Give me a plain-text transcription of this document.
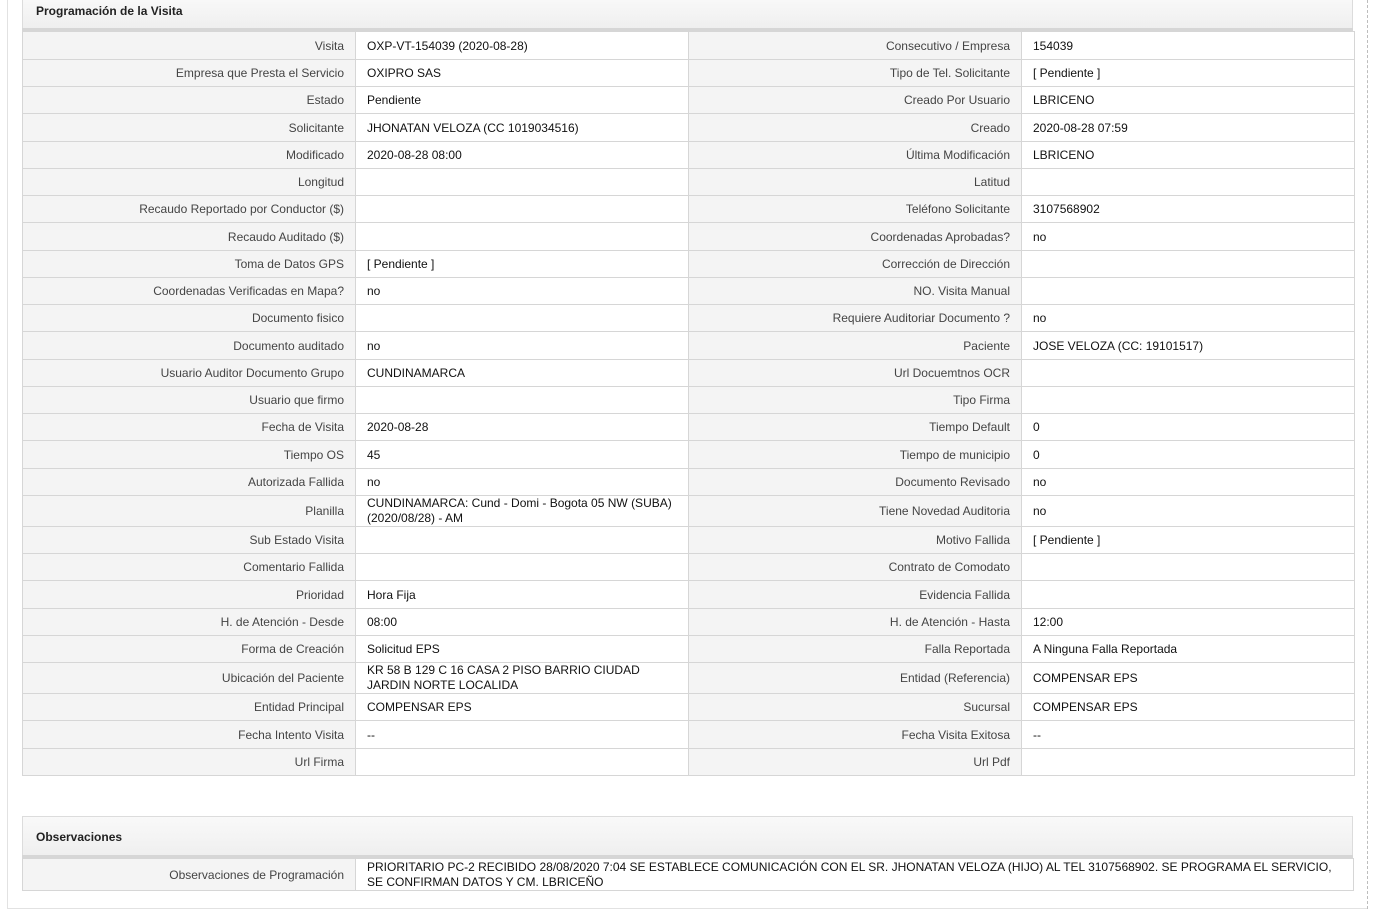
Programación de la Visita
Visita	OXP-VT-154039 (2020-08-28)	Consecutivo / Empresa	154039
Empresa que Presta el Servicio	OXIPRO SAS	Tipo de Tel. Solicitante	[ Pendiente ]
Estado	Pendiente	Creado Por Usuario	LBRICENO
Solicitante	JHONATAN VELOZA (CC 1019034516)	Creado	2020-08-28 07:59
Modificado	2020-08-28 08:00	Última Modificación	LBRICENO
Longitud		Latitud	
Recaudo Reportado por Conductor ($)		Teléfono Solicitante	3107568902
Recaudo Auditado ($)		Coordenadas Aprobadas?	no
Toma de Datos GPS	[ Pendiente ]	Corrección de Dirección	
Coordenadas Verificadas en Mapa?	no	NO. Visita Manual	
Documento fisico		Requiere Auditoriar Documento ?	no
Documento auditado	no	Paciente	JOSE VELOZA (CC: 19101517)
Usuario Auditor Documento Grupo	CUNDINAMARCA	Url Docuemtnos OCR	
Usuario que firmo		Tipo Firma	
Fecha de Visita	2020-08-28	Tiempo Default	0
Tiempo OS	45	Tiempo de municipio	0
Autorizada Fallida	no	Documento Revisado	no
Planilla	CUNDINAMARCA: Cund - Domi - Bogota 05 NW (SUBA) (2020/08/28) - AM	Tiene Novedad Auditoria	no
Sub Estado Visita		Motivo Fallida	[ Pendiente ]
Comentario Fallida		Contrato de Comodato	
Prioridad	Hora Fija	Evidencia Fallida	
H. de Atención - Desde	08:00	H. de Atención - Hasta	12:00
Forma de Creación	Solicitud EPS	Falla Reportada	A Ninguna Falla Reportada
Ubicación del Paciente	KR 58 B 129 C 16 CASA 2 PISO BARRIO CIUDAD JARDIN NORTE LOCALIDA	Entidad (Referencia)	COMPENSAR EPS
Entidad Principal	COMPENSAR EPS	Sucursal	COMPENSAR EPS
Fecha Intento Visita	--	Fecha Visita Exitosa	--
Url Firma		Url Pdf	
Observaciones
Observaciones de Programación	PRIORITARIO PC-2 RECIBIDO 28/08/2020 7:04 SE ESTABLECE COMUNICACIÓN CON EL SR. JHONATAN VELOZA (HIJO) AL TEL 3107568902. SE PROGRAMA EL SERVICIO, SE CONFIRMAN DATOS Y CM. LBRICEÑO
